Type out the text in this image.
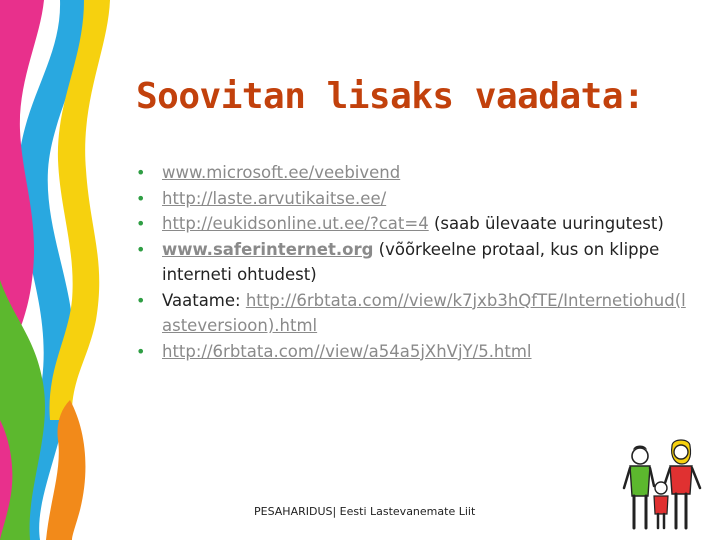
Soovitan lisaks vaadata:
• www.microsoft.ee/veebivend
• http://laste.arvutikaitse.ee/
• http://eukidsonline.ut.ee/?cat=4 (saab ülevaate uuringutest)
• www.saferinternet.org (võõrkeelne protaal, kus on klippe interneti ohtudest)
• Vaatame: http://6rbtata.com//view/k7jxb3hQfTE/Internetiohud(lasteversioon).html
• http://6rbtata.com//view/a54a5jXhVjY/5.html
PESAHARIDUS| Eesti Lastevanemate Liit
